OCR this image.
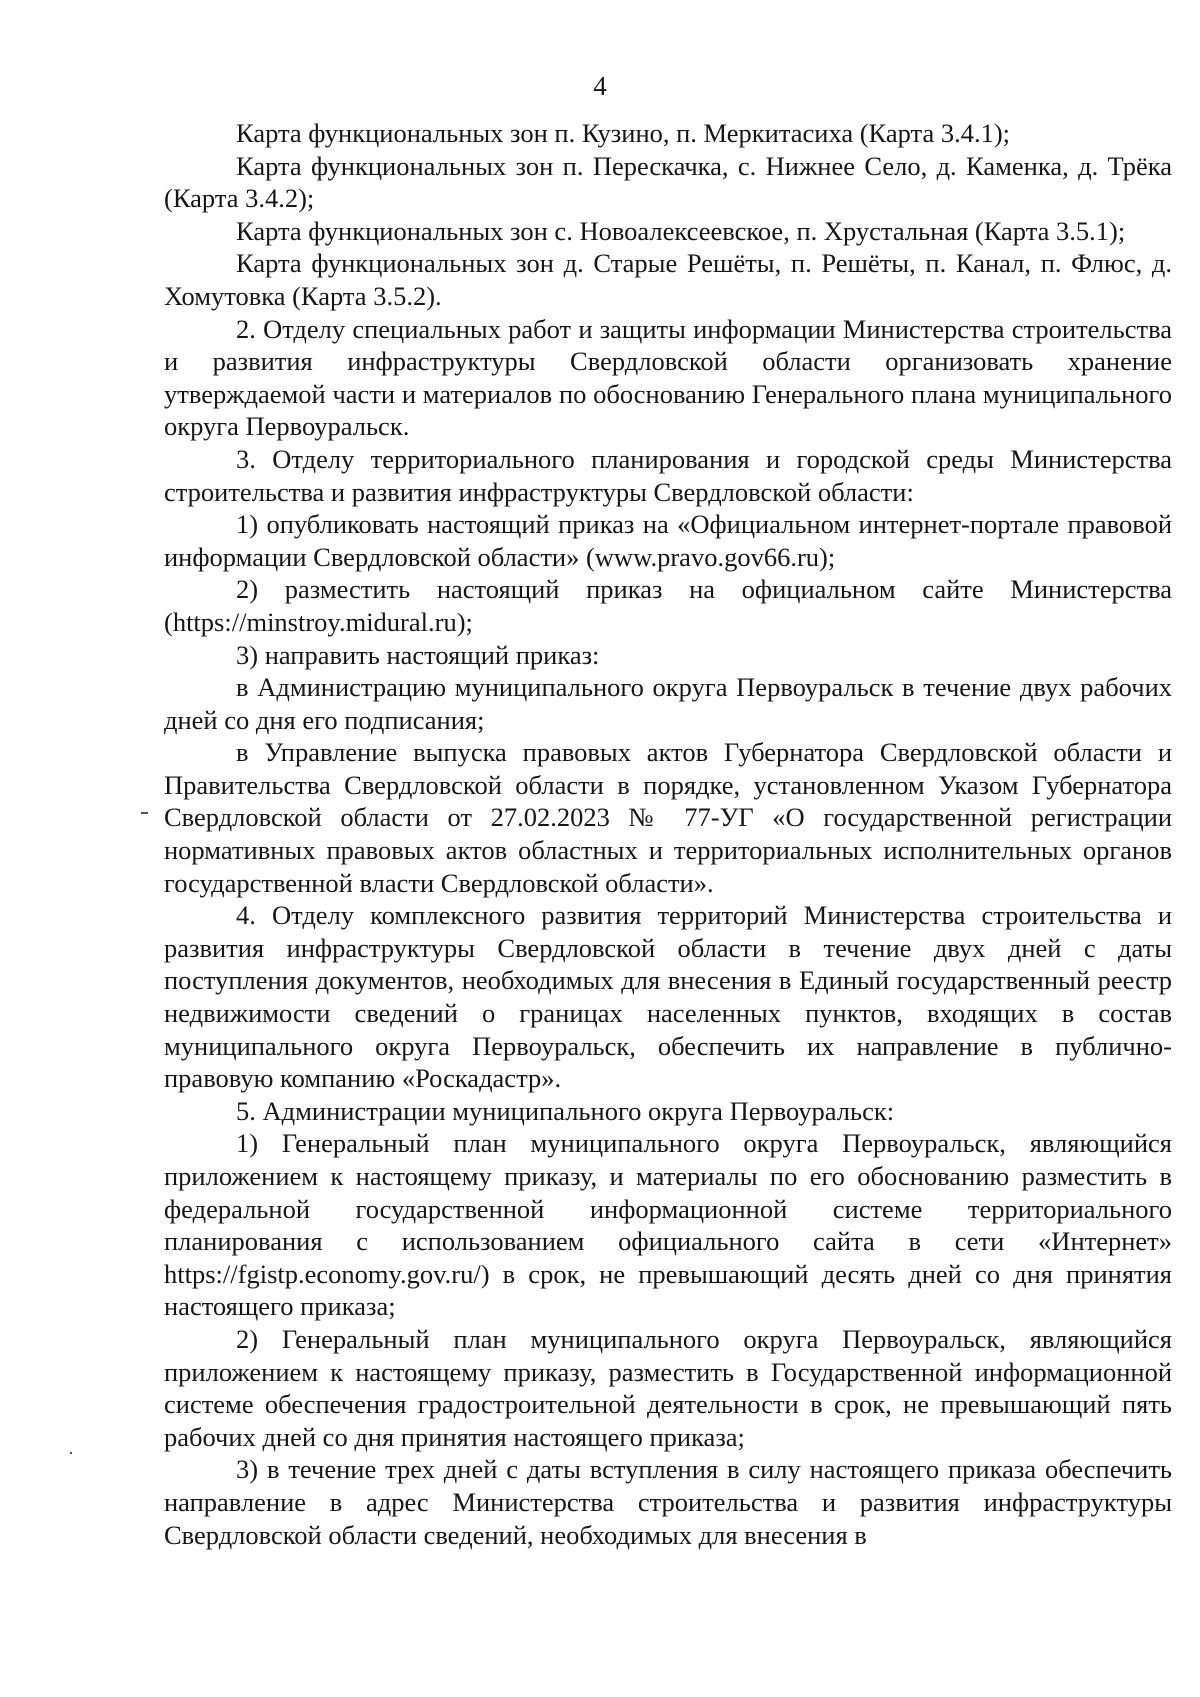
4

Карта функциональных зон п. Кузино, п. Меркитасиха (Карта 3.4.1);

Карта функциональных зон п. Перескачка, с. Нижнее Село, д. Каменка, д. Трёка (Карта 3.4.2);

Карта функциональных зон с. Новоалексеевское, п. Хрустальная (Карта 3.5.1);

Карта функциональных зон д. Старые Решёты, п. Решёты, п. Канал, п. Флюс, д. Хомутовка (Карта 3.5.2).

2. Отделу специальных работ и защиты информации Министерства строительства и развития инфраструктуры Свердловской области организовать хранение утверждаемой части и материалов по обоснованию Генерального плана муниципального округа Первоуральск.

3. Отделу территориального планирования и городской среды Министерства строительства и развития инфраструктуры Свердловской области:

1) опубликовать настоящий приказ на «Официальном интернет-портале правовой информации Свердловской области» (www.pravo.gov66.ru);

2) разместить настоящий приказ на официальном сайте Министерства (https://minstroy.midural.ru);

3) направить настоящий приказ:

в Администрацию муниципального округа Первоуральск в течение двух рабочих дней со дня его подписания;

в Управление выпуска правовых актов Губернатора Свердловской области и Правительства Свердловской области в порядке, установленном Указом Губернатора Свердловской области от 27.02.2023 № 77-УГ «О государственной регистрации нормативных правовых актов областных и территориальных исполнительных органов государственной власти Свердловской области».

4. Отделу комплексного развития территорий Министерства строительства и развития инфраструктуры Свердловской области в течение двух дней с даты поступления документов, необходимых для внесения в Единый государственный реестр недвижимости сведений о границах населенных пунктов, входящих в состав муниципального округа Первоуральск, обеспечить их направление в публично-правовую компанию «Роскадастр».

5. Администрации муниципального округа Первоуральск:

1) Генеральный план муниципального округа Первоуральск, являющийся приложением к настоящему приказу, и материалы по его обоснованию разместить в федеральной государственной информационной системе территориального планирования с использованием официального сайта в сети «Интернет» https://fgistp.economy.gov.ru/) в срок, не превышающий десять дней со дня принятия настоящего приказа;

2) Генеральный план муниципального округа Первоуральск, являющийся приложением к настоящему приказу, разместить в Государственной информационной системе обеспечения градостроительной деятельности в срок, не превышающий пять рабочих дней со дня принятия настоящего приказа;

3) в течение трех дней с даты вступления в силу настоящего приказа обеспечить направление в адрес Министерства строительства и развития инфраструктуры Свердловской области сведений, необходимых для внесения в
